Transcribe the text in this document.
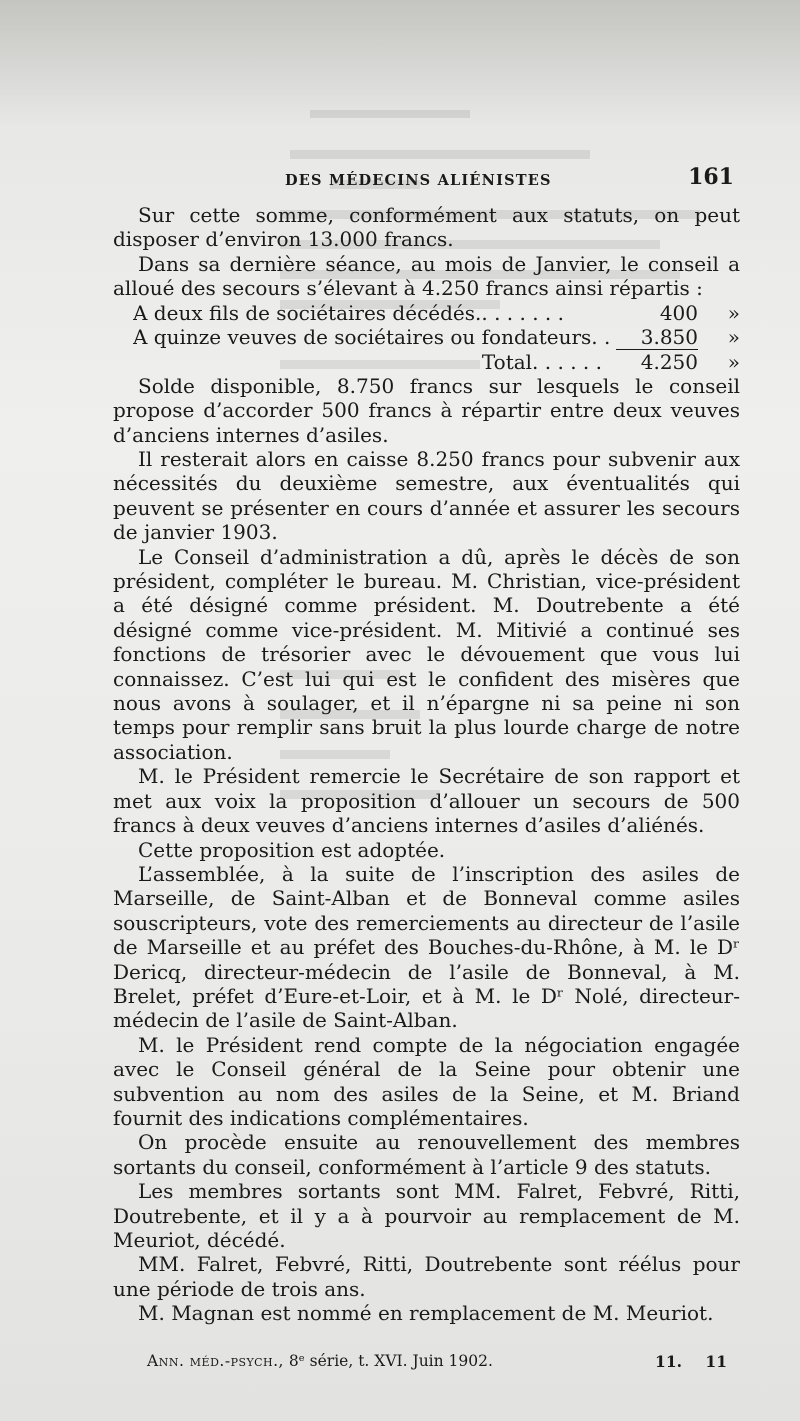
DES MÉDECINS ALIÉNISTES	161

Sur cette somme, conformément aux statuts, on peut disposer d’environ 13.000 francs.

Dans sa dernière séance, au mois de Janvier, le conseil a alloué des secours s’élevant à 4.250 francs ainsi répartis :

A deux fils de sociétaires décédés.. . . . . . .	400	»
A quinze veuves de sociétaires ou fondateurs. .	3.850	»
Total. . . . . .	4.250	»

Solde disponible, 8.750 francs sur lesquels le conseil propose d’accorder 500 francs à répartir entre deux veuves d’anciens internes d’asiles.

Il resterait alors en caisse 8.250 francs pour subvenir aux nécessités du deuxième semestre, aux éventualités qui peuvent se présenter en cours d’année et assurer les secours de janvier 1903.

Le Conseil d’administration a dû, après le décès de son président, compléter le bureau. M. Christian, vice-président a été désigné comme président. M. Doutrebente a été désigné comme vice-président. M. Mitivié a continué ses fonctions de trésorier avec le dévouement que vous lui connaissez. C’est lui qui est le confident des misères que nous avons à soulager, et il n’épargne ni sa peine ni son temps pour remplir sans bruit la plus lourde charge de notre association.

M. le Président remercie le Secrétaire de son rapport et met aux voix la proposition d’allouer un secours de 500 francs à deux veuves d’anciens internes d’asiles d’aliénés.

Cette proposition est adoptée.

L’assemblée, à la suite de l’inscription des asiles de Marseille, de Saint-Alban et de Bonneval comme asiles souscripteurs, vote des remerciements au directeur de l’asile de Marseille et au préfet des Bouches-du-Rhône, à M. le Dʳ Dericq, directeur-médecin de l’asile de Bonneval, à M. Brelet, préfet d’Eure-et-Loir, et à M. le Dʳ Nolé, directeur-médecin de l’asile de Saint-Alban.

M. le Président rend compte de la négociation engagée avec le Conseil général de la Seine pour obtenir une subvention au nom des asiles de la Seine, et M. Briand fournit des indications complémentaires.

On procède ensuite au renouvellement des membres sortants du conseil, conformément à l’article 9 des statuts.

Les membres sortants sont MM. Falret, Febvré, Ritti, Doutrebente, et il y a à pourvoir au remplacement de M. Meuriot, décédé.

MM. Falret, Febvré, Ritti, Doutrebente sont réélus pour une période de trois ans.

M. Magnan est nommé en remplacement de M. Meuriot.

Ann. méd.-psych., 8ᵉ série, t. XVI. Juin 1902.	11. 11
